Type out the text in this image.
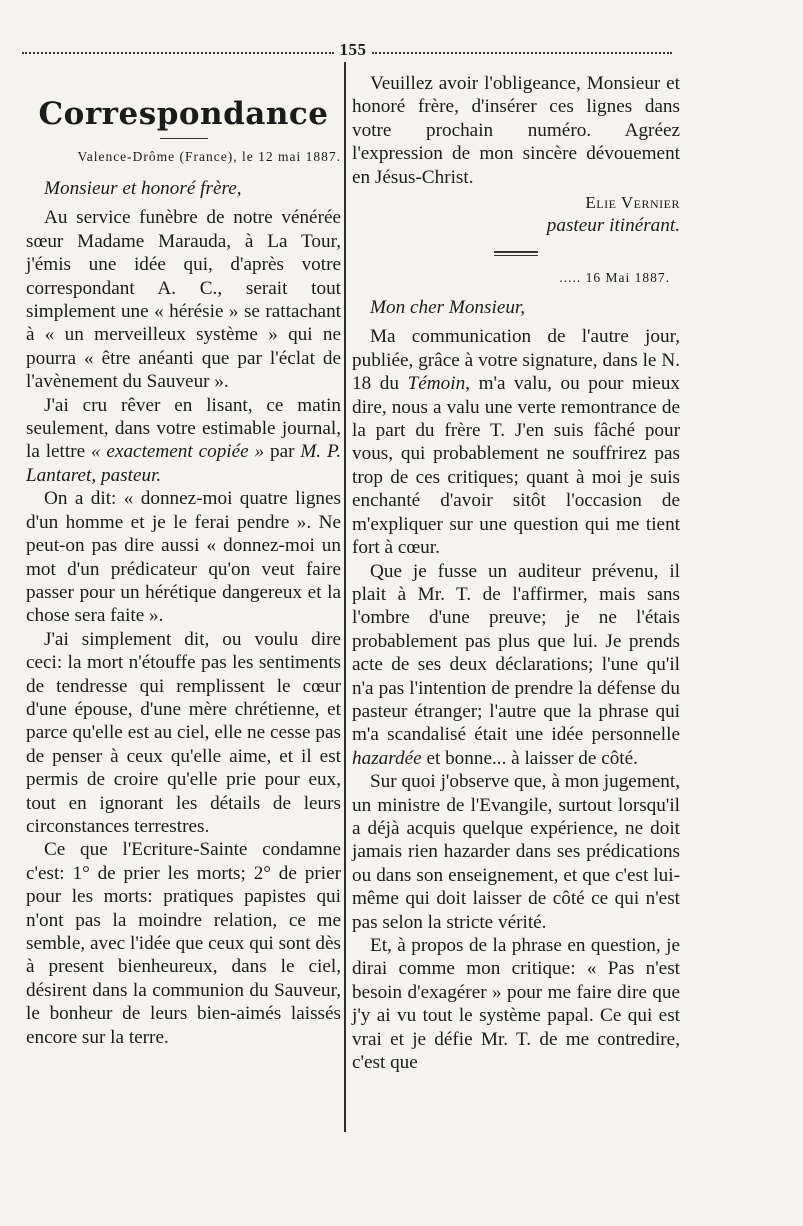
155
Correspondance
Valence-Drôme (France), le 12 mai 1887.
Monsieur et honoré frère,

Au service funèbre de notre vénérée sœur Madame Marauda, à La Tour, j'émis une idée qui, d'après votre correspondant A. C., serait tout simplement une « hérésie » se rattachant à « un merveilleux système » qui ne pourra « être anéanti que par l'éclat de l'avènement du Sauveur ».

J'ai cru rêver en lisant, ce matin seulement, dans votre estimable journal, la lettre « exactement copiée » par M. P. Lantaret, pasteur.

On a dit: « donnez-moi quatre lignes d'un homme et je le ferai pendre ». Ne peut-on pas dire aussi « donnez-moi un mot d'un prédicateur qu'on veut faire passer pour un hérétique dangereux et la chose sera faite ».

J'ai simplement dit, ou voulu dire ceci: la mort n'étouffe pas les sentiments de tendresse qui remplissent le cœur d'une épouse, d'une mère chrétienne, et parce qu'elle est au ciel, elle ne cesse pas de penser à ceux qu'elle aime, et il est permis de croire qu'elle prie pour eux, tout en ignorant les détails de leurs circonstances terrestres.

Ce que l'Ecriture-Sainte condamne c'est: 1° de prier les morts; 2° de prier pour les morts: pratiques papistes qui n'ont pas la moindre relation, ce me semble, avec l'idée que ceux qui sont dès à present bienheureux, dans le ciel, désirent dans la communion du Sauveur, le bonheur de leurs bien-aimés laissés encore sur la terre.

Veuillez avoir l'obligeance, Monsieur et honoré frère, d'insérer ces lignes dans votre prochain numéro. Agréez l'expression de mon sincère dévouement en Jésus-Christ.

Elie Vernier
pasteur itinérant.
..... 16 Mai 1887.
Mon cher Monsieur,

Ma communication de l'autre jour, publiée, grâce à votre signature, dans le N. 18 du Témoin, m'a valu, ou pour mieux dire, nous a valu une verte remontrance de la part du frère T. J'en suis fâché pour vous, qui probablement ne souffrirez pas trop de ces critiques; quant à moi je suis enchanté d'avoir sitôt l'occasion de m'expliquer sur une question qui me tient fort à cœur.

Que je fusse un auditeur prévenu, il plait à Mr. T. de l'affirmer, mais sans l'ombre d'une preuve; je ne l'étais probablement pas plus que lui. Je prends acte de ses deux déclarations; l'une qu'il n'a pas l'intention de prendre la défense du pasteur étranger; l'autre que la phrase qui m'a scandalisé était une idée personnelle hazardée et bonne... à laisser de côté.

Sur quoi j'observe que, à mon jugement, un ministre de l'Evangile, surtout lorsqu'il a déjà acquis quelque expérience, ne doit jamais rien hazarder dans ses prédications ou dans son enseignement, et que c'est lui-même qui doit laisser de côté ce qui n'est pas selon la stricte vérité.

Et, à propos de la phrase en question, je dirai comme mon critique: « Pas n'est besoin d'exagérer » pour me faire dire que j'y ai vu tout le système papal. Ce qui est vrai et je défie Mr. T. de me contredire, c'est que
